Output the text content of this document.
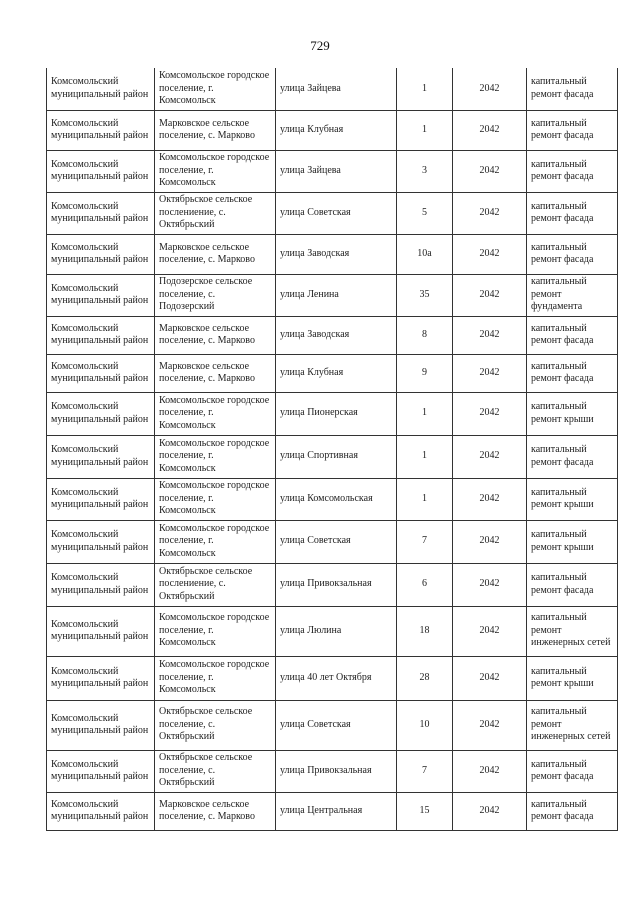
729
Комсомольский муниципальный район	Комсомольское городское поселение, г. Комсомольск	улица Зайцева	1	2042	капитальный ремонт фасада
Комсомольский муниципальный район	Марковское сельское поселение, с. Марково	улица Клубная	1	2042	капитальный ремонт фасада
Комсомольский муниципальный район	Комсомольское городское поселение, г. Комсомольск	улица Зайцева	3	2042	капитальный ремонт фасада
Комсомольский муниципальный район	Октябрьское сельское послениение, с. Октябрьский	улица Советская	5	2042	капитальный ремонт фасада
Комсомольский муниципальный район	Марковское сельское поселение, с. Марково	улица Заводская	10а	2042	капитальный ремонт фасада
Комсомольский муниципальный район	Подозерское сельское поселение, с. Подозерский	улица Ленина	35	2042	капитальный ремонт фундамента
Комсомольский муниципальный район	Марковское сельское поселение, с. Марково	улица Заводская	8	2042	капитальный ремонт фасада
Комсомольский муниципальный район	Марковское сельское поселение, с. Марково	улица Клубная	9	2042	капитальный ремонт фасада
Комсомольский муниципальный район	Комсомольское городское поселение, г. Комсомольск	улица Пионерская	1	2042	капитальный ремонт крыши
Комсомольский муниципальный район	Комсомольское городское поселение, г. Комсомольск	улица Спортивная	1	2042	капитальный ремонт фасада
Комсомольский муниципальный район	Комсомольское городское поселение, г. Комсомольск	улица Комсомольская	1	2042	капитальный ремонт крыши
Комсомольский муниципальный район	Комсомольское городское поселение, г. Комсомольск	улица Советская	7	2042	капитальный ремонт крыши
Комсомольский муниципальный район	Октябрьское сельское послениение, с. Октябрьский	улица Привокзальная	6	2042	капитальный ремонт фасада
Комсомольский муниципальный район	Комсомольское городское поселение, г. Комсомольск	улица Люлина	18	2042	капитальный ремонт инженерных сетей
Комсомольский муниципальный район	Комсомольское городское поселение, г. Комсомольск	улица 40 лет Октября	28	2042	капитальный ремонт крыши
Комсомольский муниципальный район	Октябрьское сельское поселение, с. Октябрьский	улица Советская	10	2042	капитальный ремонт инженерных сетей
Комсомольский муниципальный район	Октябрьское сельское поселение, с. Октябрьский	улица Привокзальная	7	2042	капитальный ремонт фасада
Комсомольский муниципальный район	Марковское сельское поселение, с. Марково	улица Центральная	15	2042	капитальный ремонт фасада
